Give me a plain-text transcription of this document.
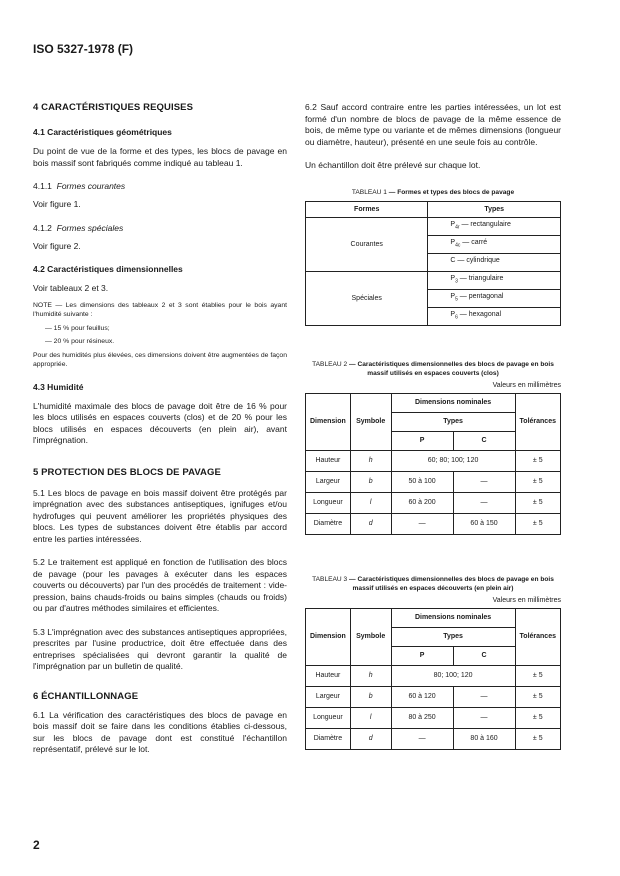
ISO 5327-1978 (F)

4 CARACTÉRISTIQUES REQUISES

4.1 Caractéristiques géométriques

Du point de vue de la forme et des types, les blocs de pavage en bois massif sont fabriqués comme indiqué au tableau 1.

4.1.1 Formes courantes

Voir figure 1.

4.1.2 Formes spéciales

Voir figure 2.

4.2 Caractéristiques dimensionnelles

Voir tableaux 2 et 3.

NOTE — Les dimensions des tableaux 2 et 3 sont établies pour le bois ayant l'humidité suivante :

— 15 % pour feuillus;

— 20 % pour résineux.

Pour des humidités plus élevées, ces dimensions doivent être augmentées de façon appropriée.

4.3 Humidité

L'humidité maximale des blocs de pavage doit être de 16 % pour les blocs utilisés en espaces couverts (clos) et de 20 % pour les blocs utilisés en espaces découverts (en plein air), avant l'imprégnation.

5 PROTECTION DES BLOCS DE PAVAGE

5.1 Les blocs de pavage en bois massif doivent être protégés par imprégnation avec des substances antiseptiques, ignifuges et/ou hydrofuges qui peuvent améliorer les propriétés physiques des blocs. Les types de substances doivent être établis par accord entre les parties intéressées.

5.2 Le traitement est appliqué en fonction de l'utilisation des blocs de pavage (pour les pavages à exécuter dans les espaces couverts ou découverts) par l'un des procédés de traitement : vide-pression, bains chauds-froids ou bains simples (chauds ou froids) ou par d'autres méthodes similaires et efficientes.

5.3 L'imprégnation avec des substances antiseptiques appropriées, prescrites par l'usine productrice, doit être effectuée dans des entreprises spécialisées qui devront garantir la qualité de l'imprégnation par un bulletin de qualité.

6 ÉCHANTILLONNAGE

6.1 La vérification des caractéristiques des blocs de pavage en bois massif doit se faire dans les conditions établies ci-dessous, sur les blocs de pavage dont est constitué l'échantillon représentatif, prélevé sur le lot.

6.2 Sauf accord contraire entre les parties intéressées, un lot est formé d'un nombre de blocs de pavage de la même essence de bois, de même type ou variante et de mêmes dimensions (longueur ou diamètre, hauteur), présenté en une seule fois au contrôle.

Un échantillon doit être prélevé sur chaque lot.

TABLEAU 1 — Formes et types des blocs de pavage

Formes	Types
Courantes	$P_{4r}$ — rectangulaire
	$P_{4c}$ — carré
	C — cylindrique
Spéciales	$P_3$ — triangulaire
	$P_5$ — pentagonal
	$P_6$ — hexagonal

TABLEAU 2 — Caractéristiques dimensionnelles des blocs de pavage en bois massif utilisés en espaces couverts (clos)

Valeurs en millimètres

Dimension	Symbole	Dimensions nominales		Tolérances
		Types		
		P	C	
Hauteur	h	60; 80; 100; 120		± 5
Largeur	b	50 à 100	—	± 5
Longueur	l	60 à 200	—	± 5
Diamètre	d	—	60 à 150	± 5

TABLEAU 3 — Caractéristiques dimensionnelles des blocs de pavage en bois massif utilisés en espaces découverts (en plein air)

Valeurs en millimètres

Dimension	Symbole	Dimensions nominales		Tolérances
		Types		
		P	C	
Hauteur	h	80; 100; 120		± 5
Largeur	b	60 à 120	—	± 5
Longueur	l	80 à 250	—	± 5
Diamètre	d	—	80 à 160	± 5
2
